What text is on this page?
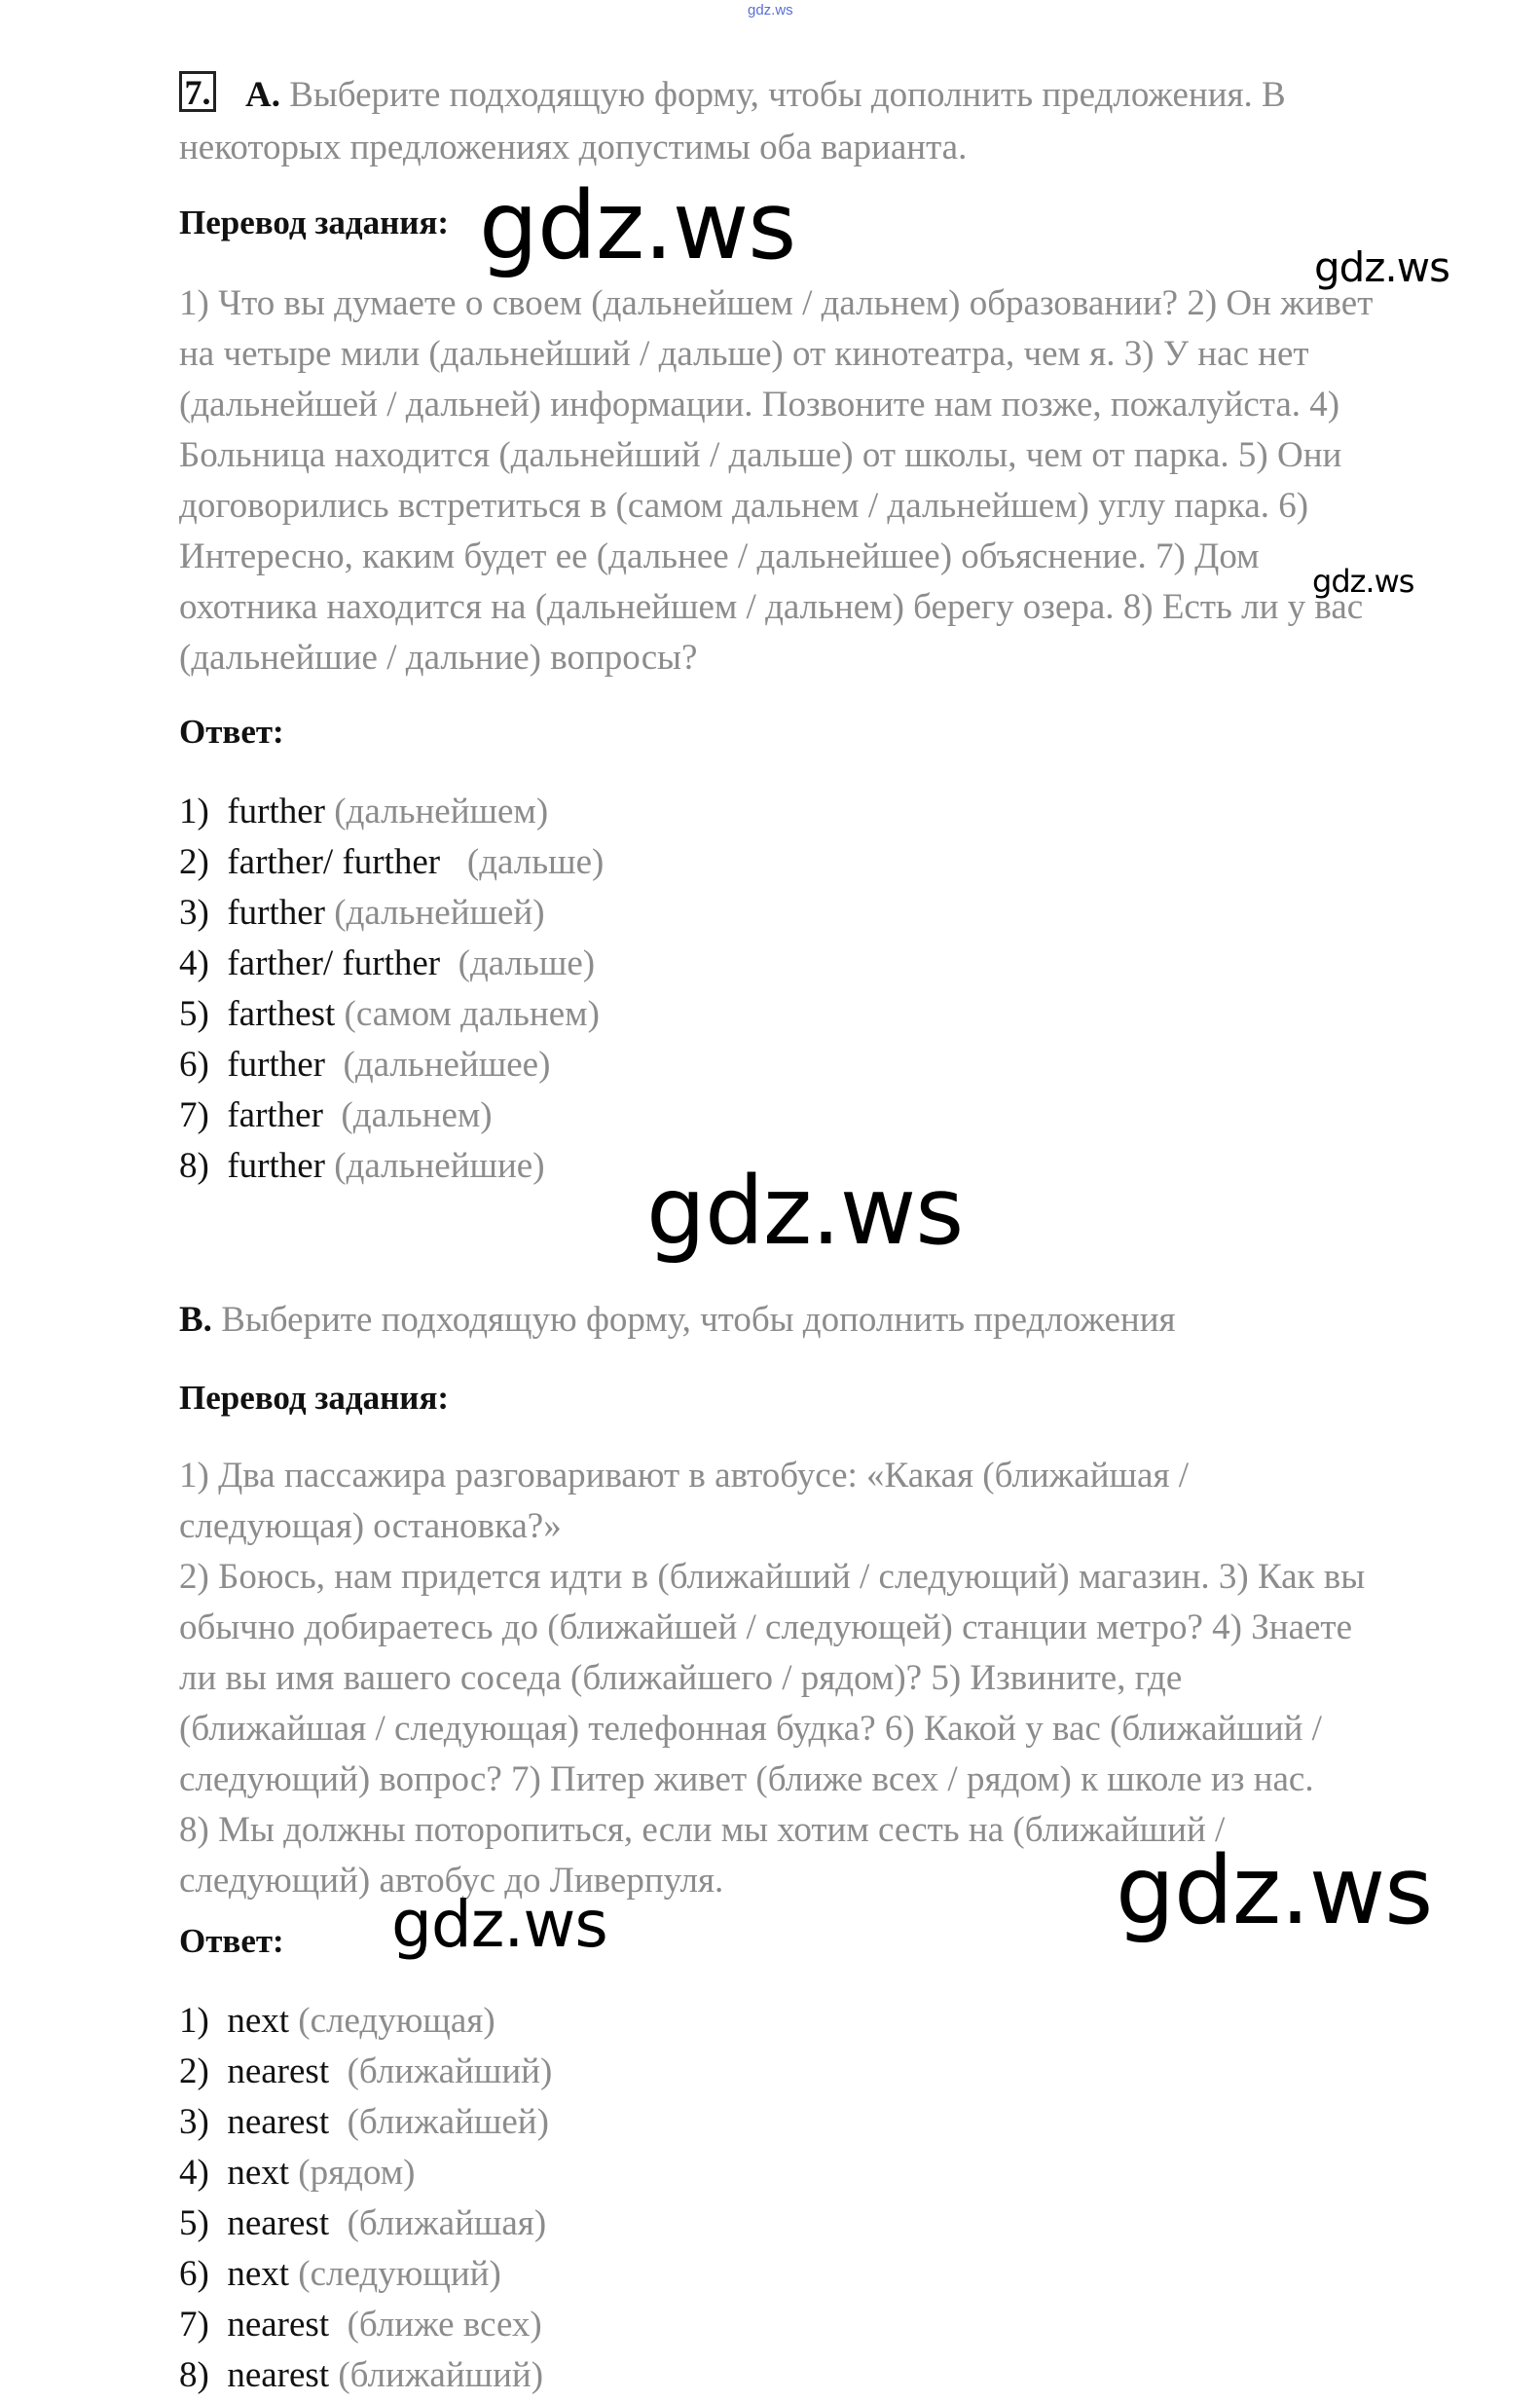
gdz.ws
7. A. Выберите подходящую форму, чтобы дополнить предложения. В
некоторых предложениях допустимы оба варианта.
Перевод задания: gdz.ws	gdz.ws
1) Что вы думаете о своем (дальнейшем / дальнем) образовании? 2) Он живет
на четыре мили (дальнейший / дальше) от кинотеатра, чем я. 3) У нас нет
(дальнейшей / дальней) информации. Позвоните нам позже, пожалуйста. 4)
Больница находится (дальнейший / дальше) от школы, чем от парка. 5) Они
договорились встретиться в (самом дальнем / дальнейшем) углу парка. 6)
Интересно, каким будет ее (дальнее / дальнейшее) объяснение. 7) Дом
охотника находится на (дальнейшем / дальнем) берегу озера. 8) Есть ли у вас
(дальнейшие / дальние) вопросы?
gdz.ws
Ответ:
1) further (дальнейшем)
2) farther/ further (дальше)
3) further (дальнейшей)
4) farther/ further (дальше)
5) farthest (самом дальнем)
6) further (дальнейшее)
7) farther (дальнем)
8) further (дальнейшие)	gdz.ws
B. Выберите подходящую форму, чтобы дополнить предложения
Перевод задания:
1) Два пассажира разговаривают в автобусе: «Какая (ближайшая /
следующая) остановка?»
2) Боюсь, нам придется идти в (ближайший / следующий) магазин. 3) Как вы
обычно добираетесь до (ближайшей / следующей) станции метро? 4) Знаете
ли вы имя вашего соседа (ближайшего / рядом)? 5) Извините, где
(ближайшая / следующая) телефонная будка? 6) Какой у вас (ближайший /
следующий) вопрос? 7) Питер живет (ближе всех / рядом) к школе из нас.
8) Мы должны поторопиться, если мы хотим сесть на (ближайший /
следующий) автобус до Ливерпуля.	gdz.ws
Ответ: gdz.ws
1) next (следующая)
2) nearest (ближайший)
3) nearest (ближайшей)
4) next (рядом)
5) nearest (ближайшая)
6) next (следующий)
7) nearest (ближе всех)
8) nearest (ближайший)
